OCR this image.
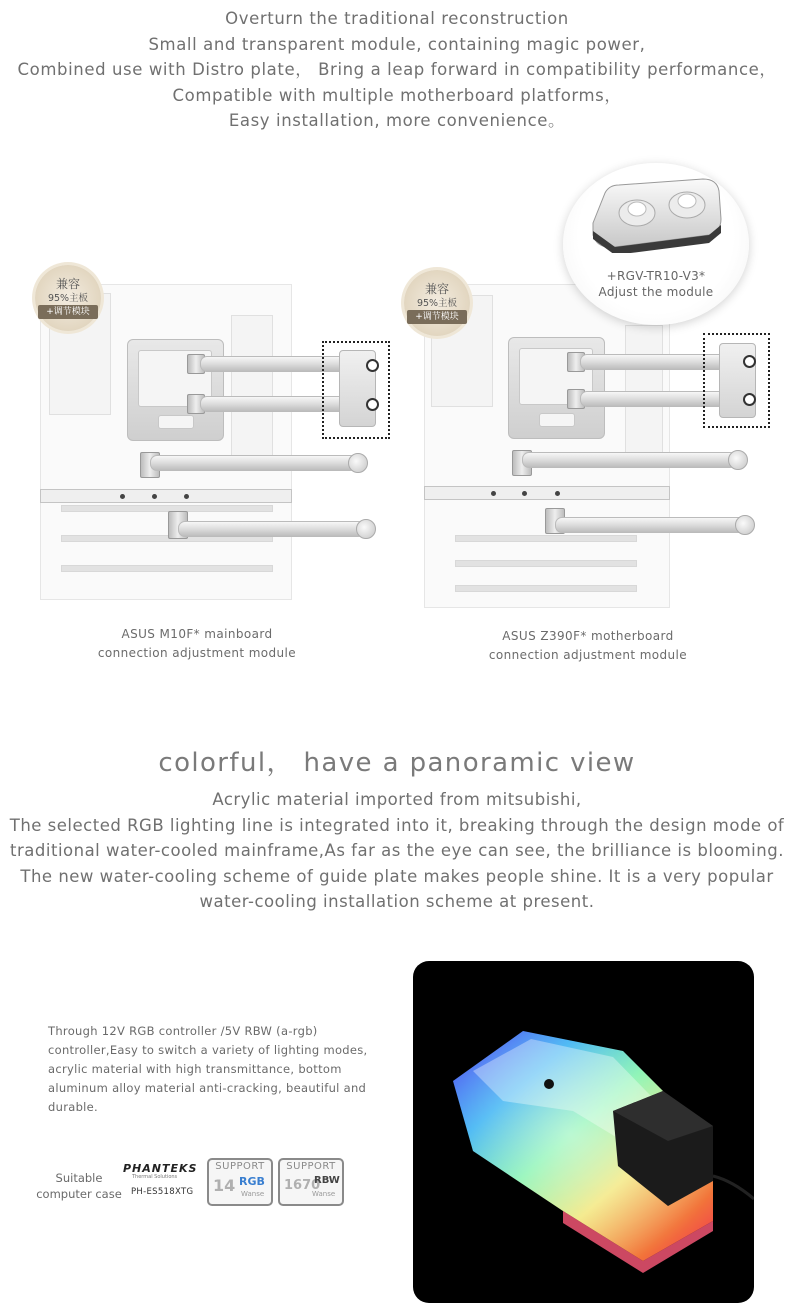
Overturn the traditional reconstruction
Small and transparent module, containing magic power,
Combined use with Distro plate， Bring a leap forward in compatibility performance，
Compatible with multiple motherboard platforms，
Easy installation, more convenience。
兼容
95%主板
+调节模块
ASUS M10F* mainboard
connection adjustment module
兼容
95%主板
+调节模块
ASUS Z390F* motherboard
connection adjustment module
+RGV-TR10-V3*
Adjust the module
colorful， have a panoramic view
Acrylic material imported from mitsubishi,
The selected RGB lighting line is integrated into it, breaking through the design mode of
traditional water-cooled mainframe,As far as the eye can see, the brilliance is blooming.
The new water-cooling scheme of guide plate makes people shine. It is a very popular
water-cooling installation scheme at present.
Through 12V RGB controller /5V RBW (a-rgb) controller,Easy to switch a variety of lighting modes, acrylic material with high transmittance, bottom aluminum alloy material anti-cracking, beautiful and durable.
Suitable computer case
PHANTEKS
Thermal Solutions
PH-ES518XTG
SUPPORT
14 RGB
Wanse
SUPPORT
1670
RBW
Wanse
